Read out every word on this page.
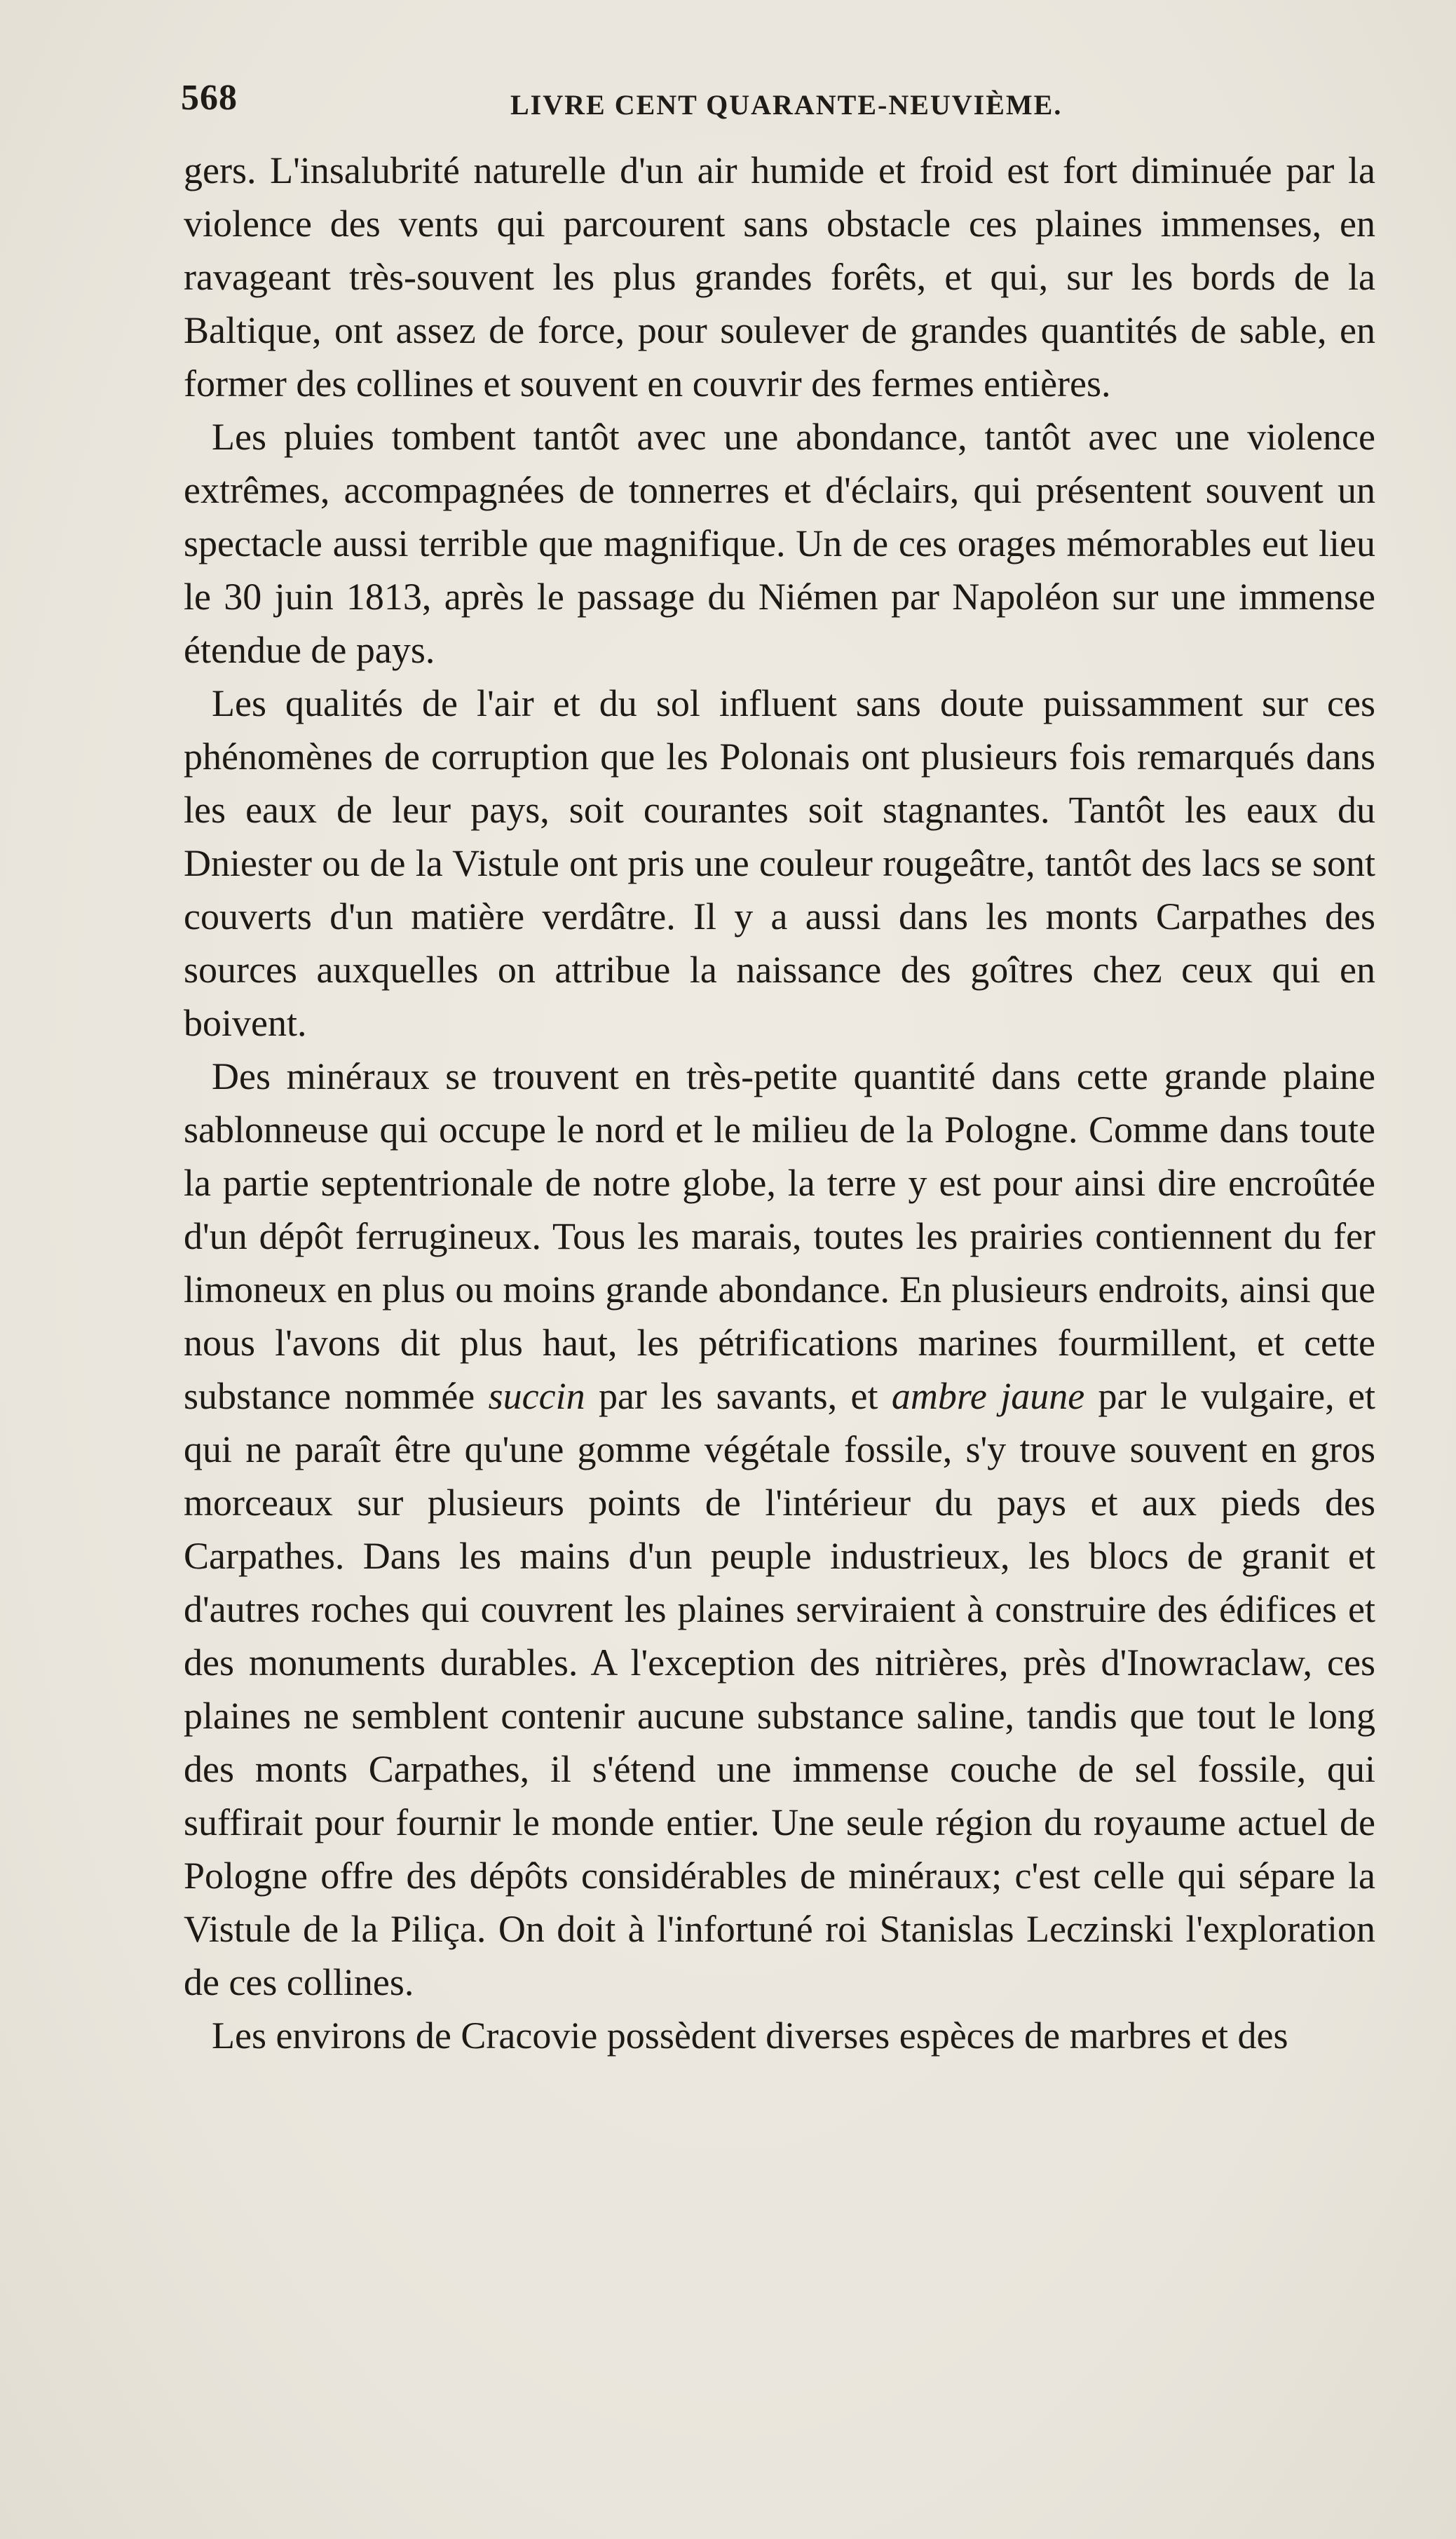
568	LIVRE CENT QUARANTE-NEUVIÈME.

gers. L'insalubrité naturelle d'un air humide et froid est fort diminuée par la violence des vents qui parcourent sans obstacle ces plaines immenses, en ravageant très-souvent les plus grandes forêts, et qui, sur les bords de la Baltique, ont assez de force, pour soulever de grandes quantités de sable, en former des collines et souvent en couvrir des fermes entières.

Les pluies tombent tantôt avec une abondance, tantôt avec une violence extrêmes, accompagnées de tonnerres et d'éclairs, qui présentent souvent un spectacle aussi terrible que magnifique. Un de ces orages mémorables eut lieu le 30 juin 1813, après le passage du Niémen par Napoléon sur une immense étendue de pays.

Les qualités de l'air et du sol influent sans doute puissamment sur ces phénomènes de corruption que les Polonais ont plusieurs fois remarqués dans les eaux de leur pays, soit courantes soit stagnantes. Tantôt les eaux du Dniester ou de la Vistule ont pris une couleur rougeâtre, tantôt des lacs se sont couverts d'un matière verdâtre. Il y a aussi dans les monts Carpathes des sources auxquelles on attribue la naissance des goîtres chez ceux qui en boivent.

Des minéraux se trouvent en très-petite quantité dans cette grande plaine sablonneuse qui occupe le nord et le milieu de la Pologne. Comme dans toute la partie septentrionale de notre globe, la terre y est pour ainsi dire encroûtée d'un dépôt ferrugineux. Tous les marais, toutes les prairies contiennent du fer limoneux en plus ou moins grande abondance. En plusieurs endroits, ainsi que nous l'avons dit plus haut, les pétrifications marines fourmillent, et cette substance nommée succin par les savants, et ambre jaune par le vulgaire, et qui ne paraît être qu'une gomme végétale fossile, s'y trouve souvent en gros morceaux sur plusieurs points de l'intérieur du pays et aux pieds des Carpathes. Dans les mains d'un peuple industrieux, les blocs de granit et d'autres roches qui couvrent les plaines serviraient à construire des édifices et des monuments durables. A l'exception des nitrières, près d'Inowraclaw, ces plaines ne semblent contenir aucune substance saline, tandis que tout le long des monts Carpathes, il s'étend une immense couche de sel fossile, qui suffirait pour fournir le monde entier. Une seule région du royaume actuel de Pologne offre des dépôts considérables de minéraux; c'est celle qui sépare la Vistule de la Piliça. On doit à l'infortuné roi Stanislas Leczinski l'exploration de ces collines.

Les environs de Cracovie possèdent diverses espèces de marbres et des
